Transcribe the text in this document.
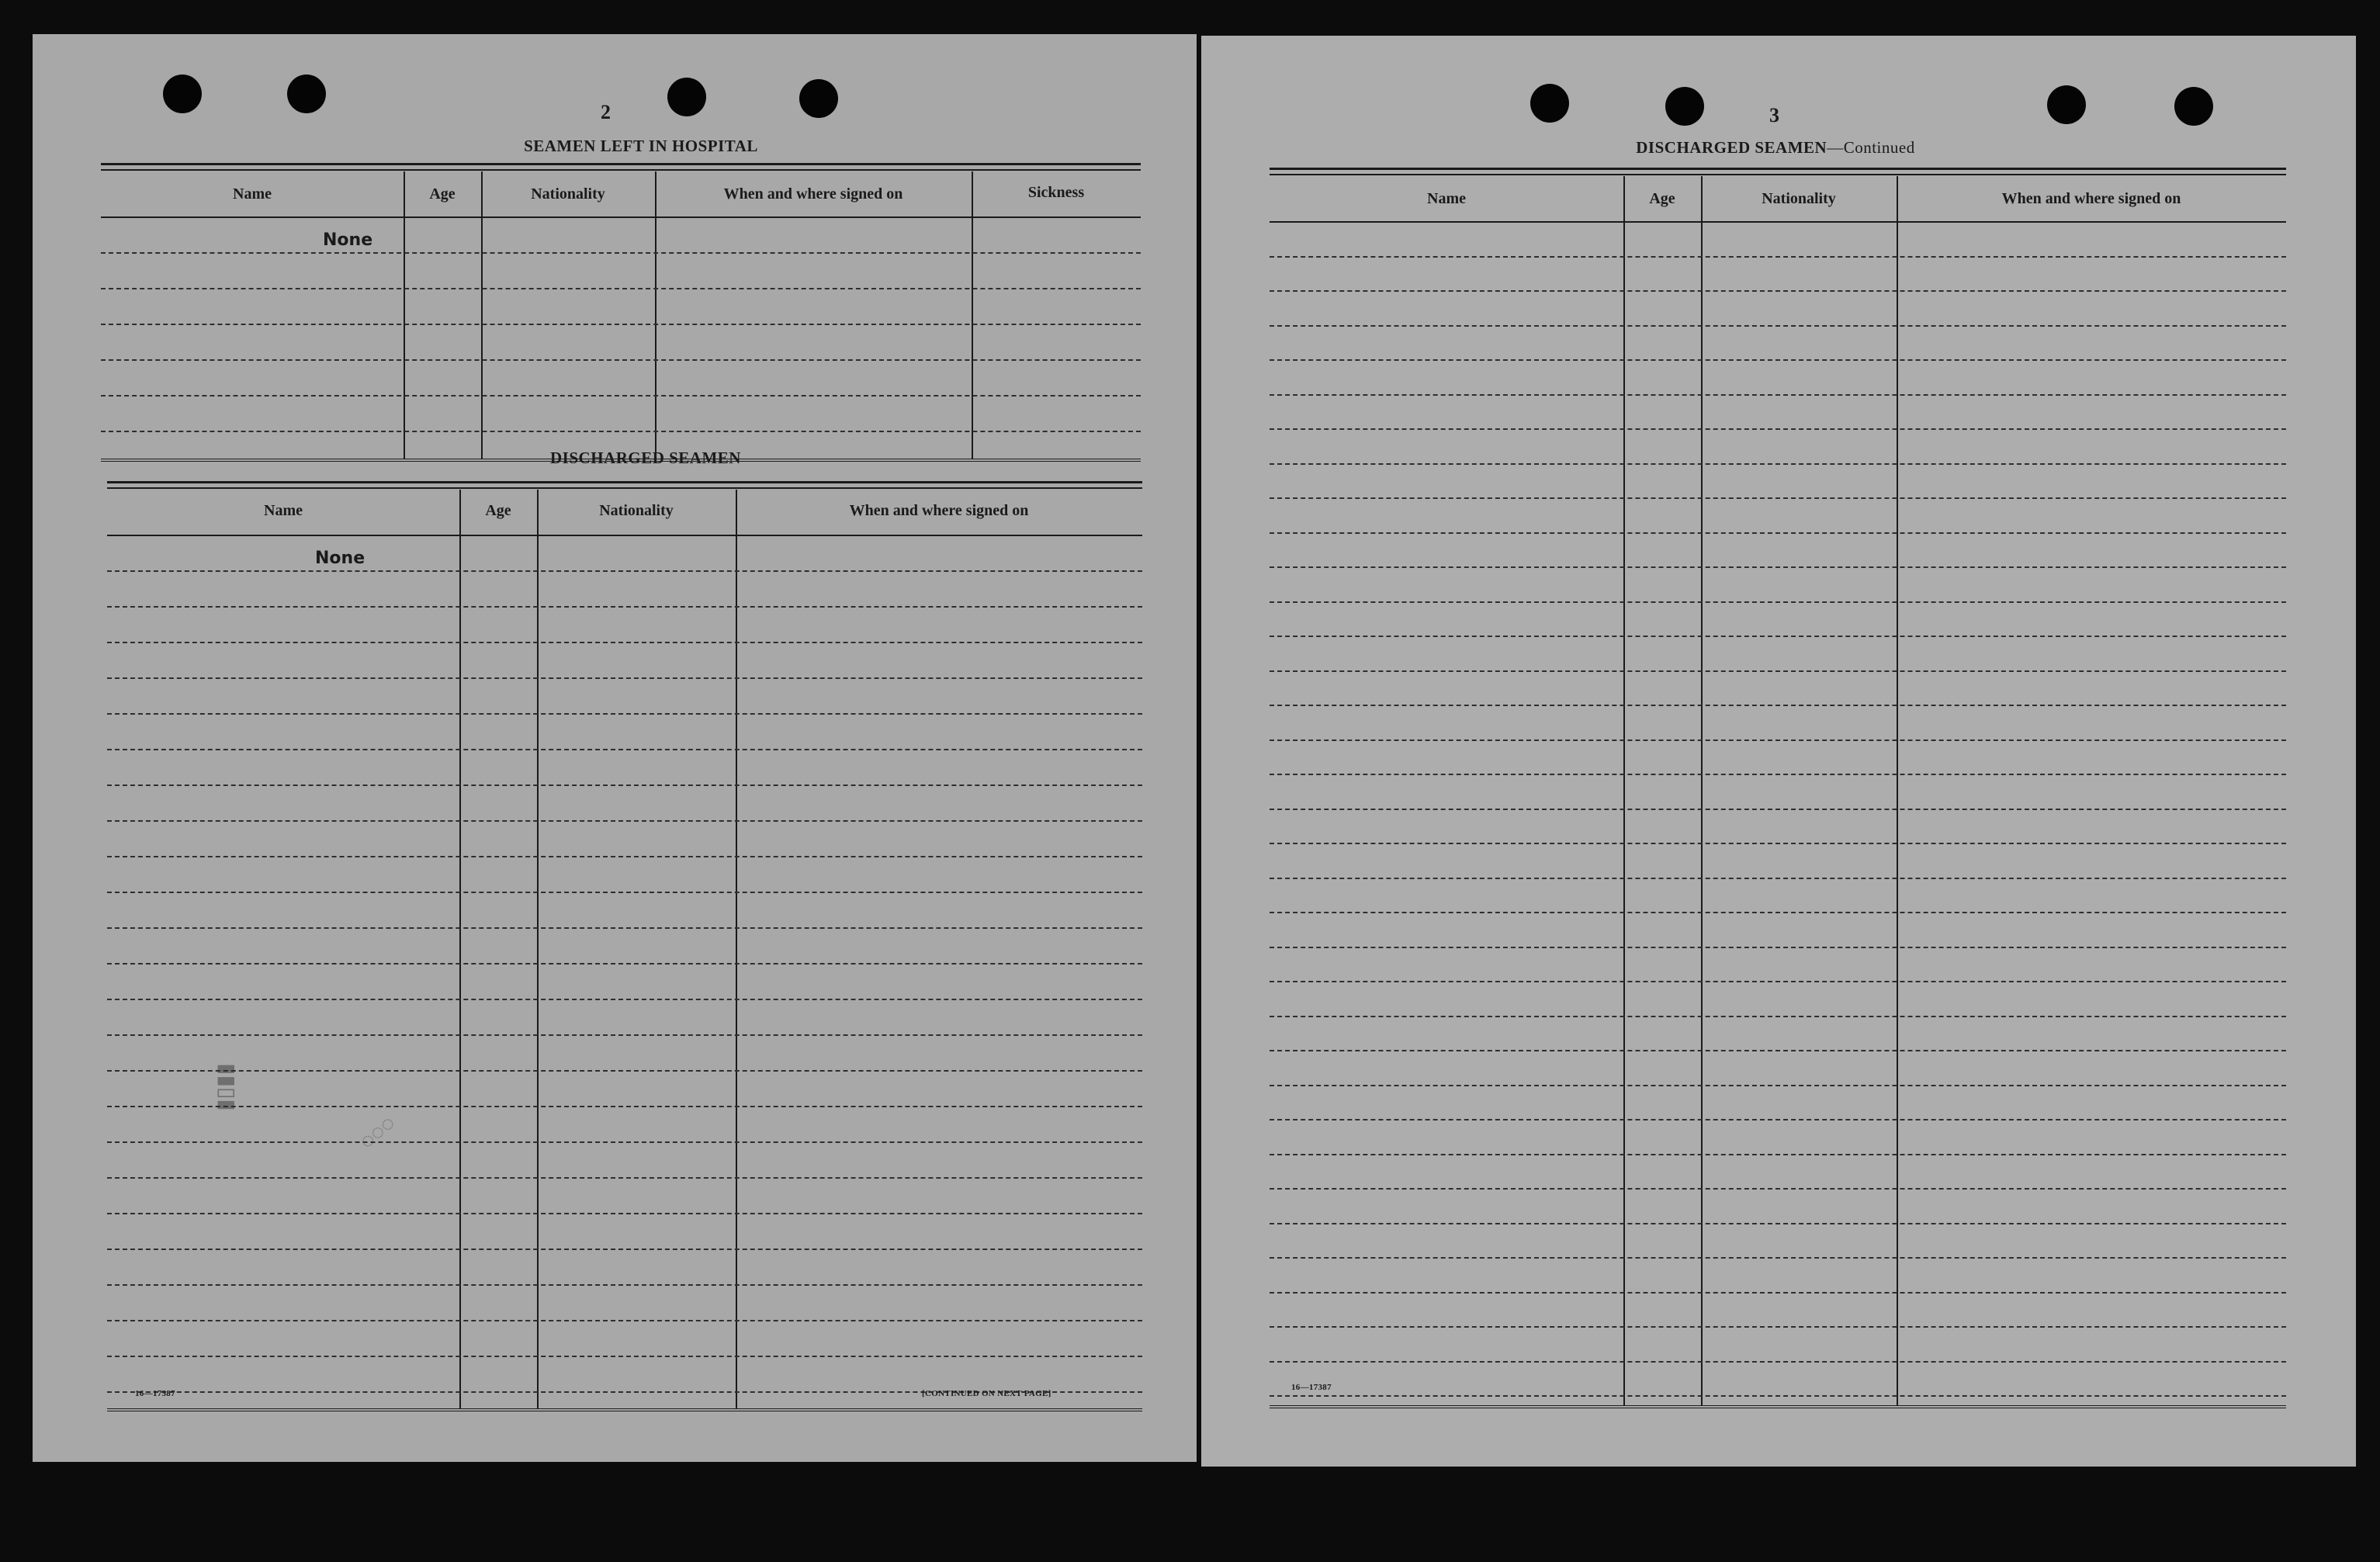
2
SEAMEN LEFT IN HOSPITAL
Name	Age	Nationality	When and where signed on	Sickness
None
DISCHARGED SEAMEN
Name	Age	Nationality	When and where signed on
None
▮▮▯▮
◌◌◌
16—17387	[CONTINUED ON NEXT PAGE]
3
DISCHARGED SEAMEN—Continued
Name	Age	Nationality	When and where signed on
16—17387
